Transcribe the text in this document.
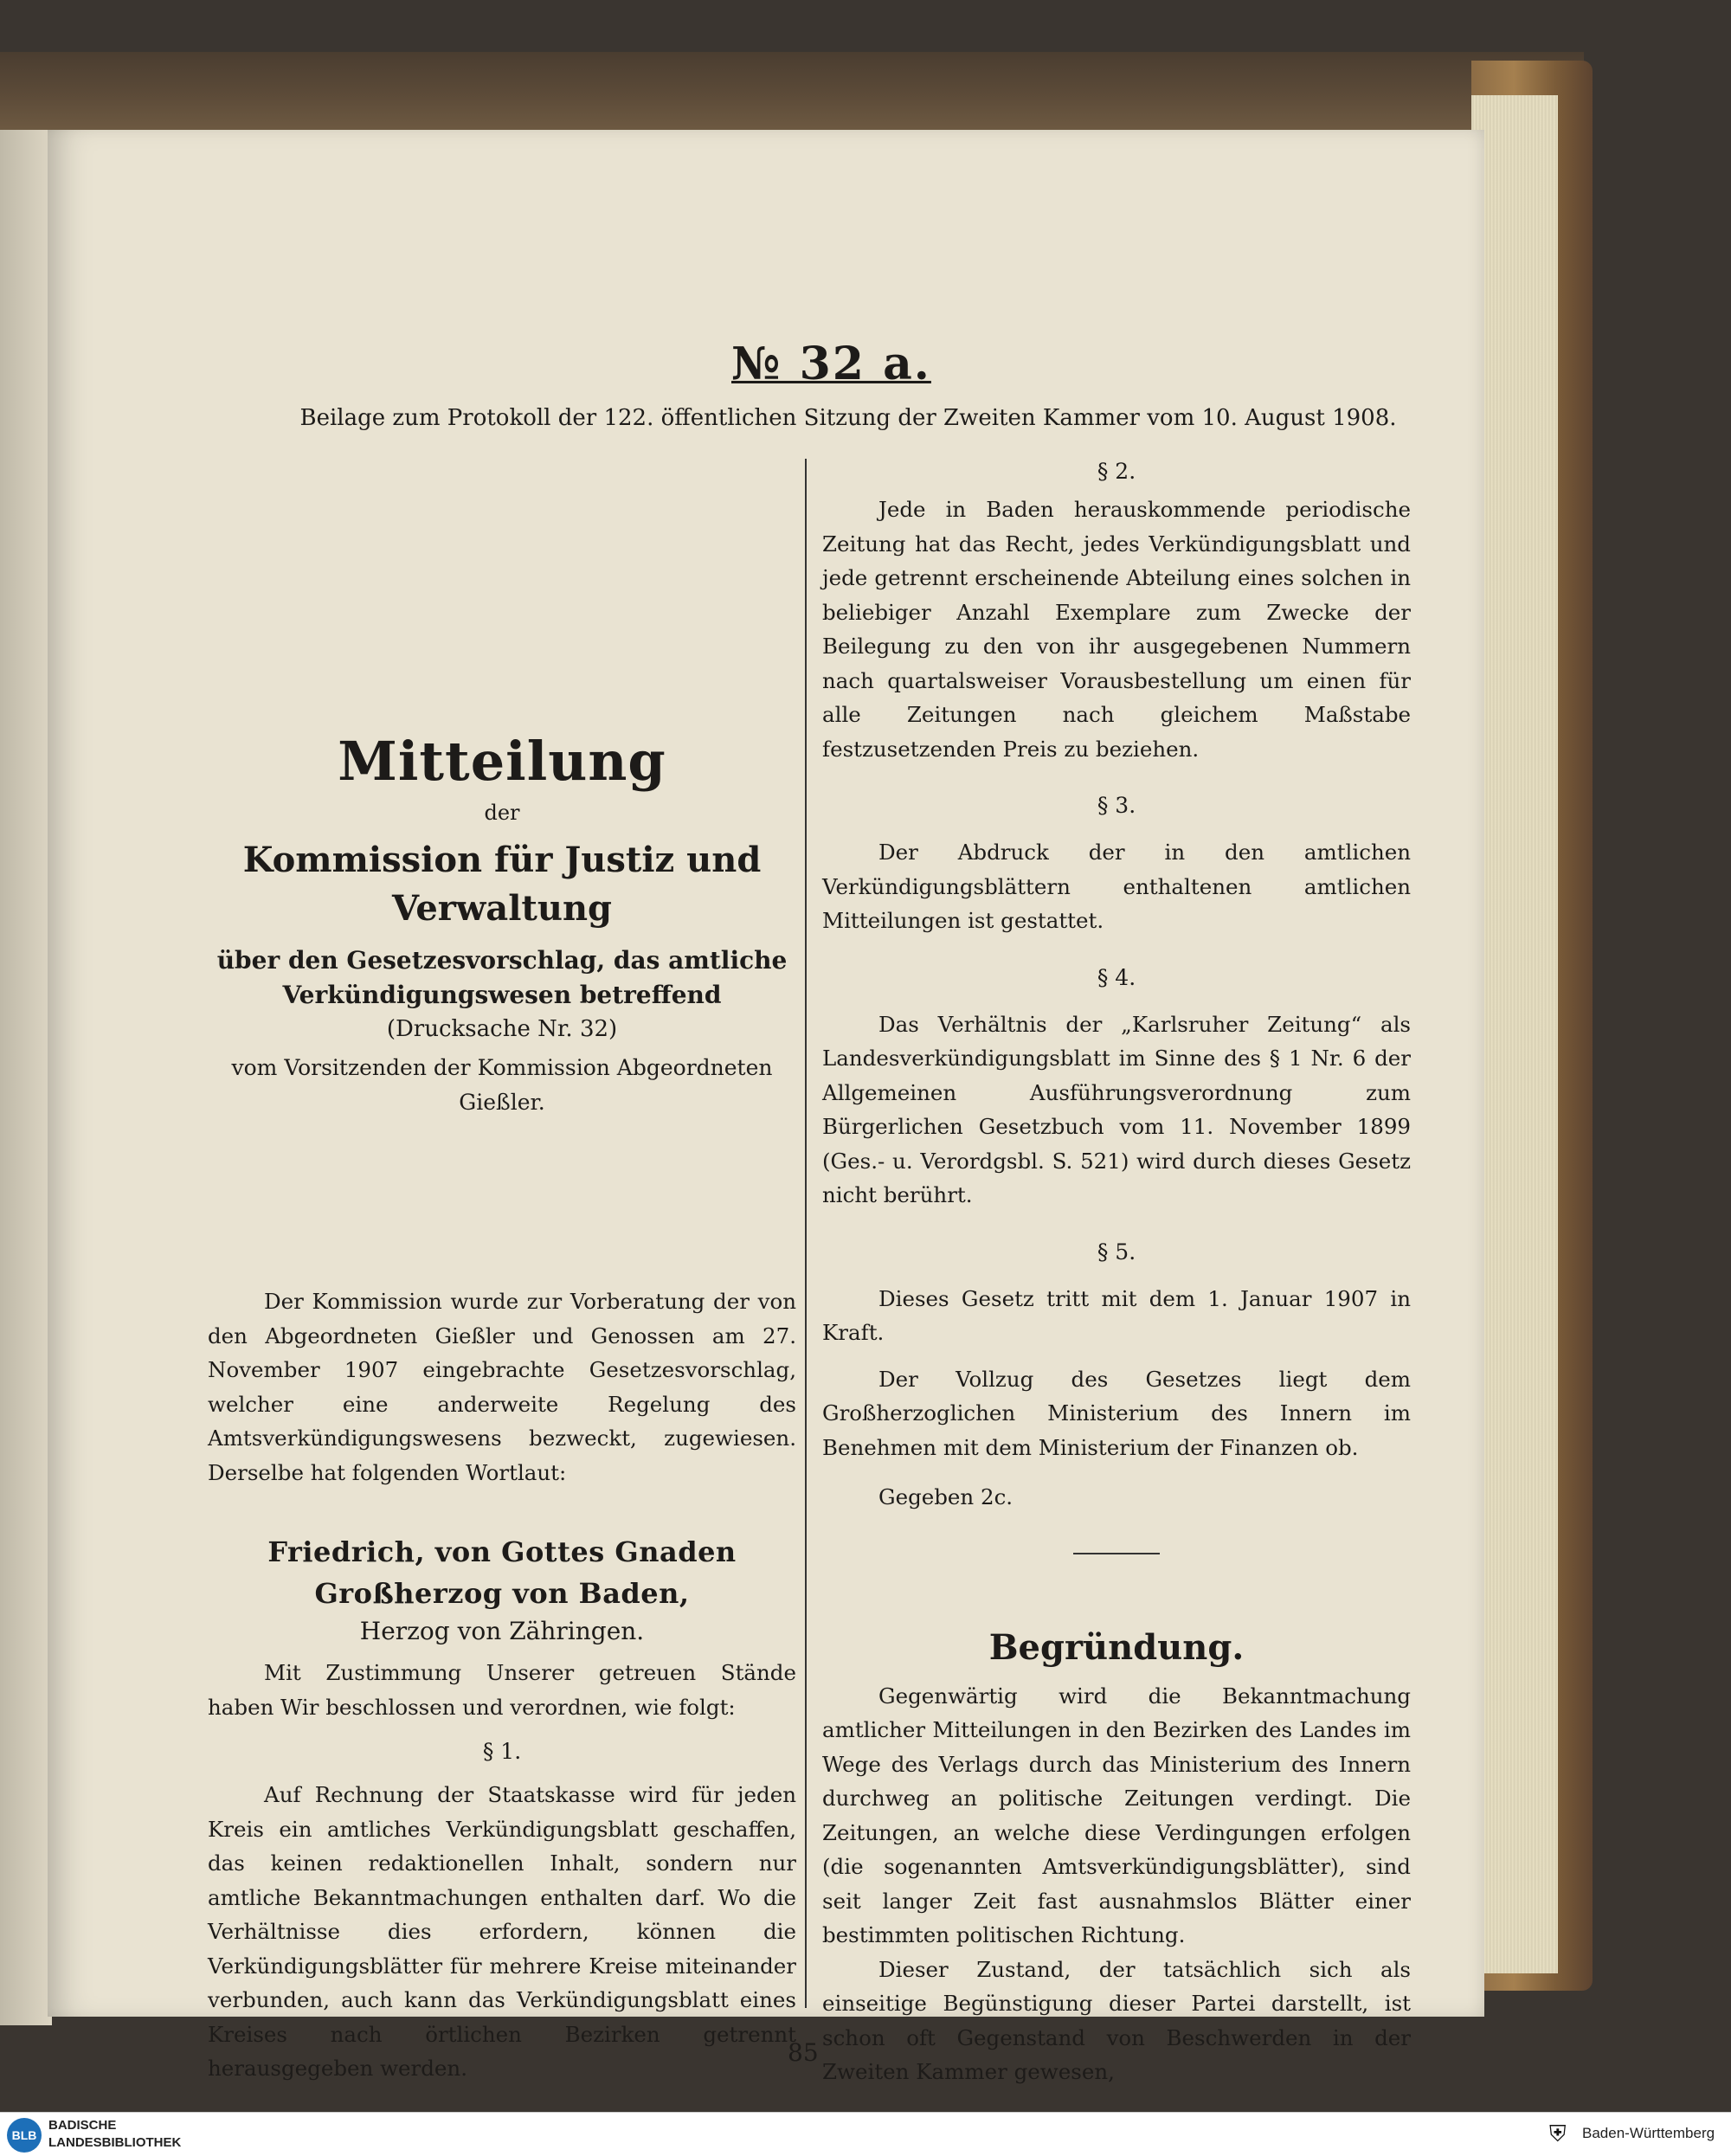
№ 32 a.
Beilage zum Protokoll der 122. öffentlichen Sitzung der Zweiten Kammer vom 10. August 1908.
Mitteilung
der
Kommission für Justiz und Verwaltung
über den Gesetzesvorschlag, das amtliche
Verkündigungswesen betreffend
(Drucksache Nr. 32)
vom Vorsitzenden der Kommission Abgeordneten Gießler.

Der Kommission wurde zur Vorberatung der von den Abgeordneten Gießler und Genossen am 27. November 1907 eingebrachte Gesetzesvorschlag, welcher eine anderweite Regelung des Amtsverkündigungswesens bezweckt, zugewiesen. Derselbe hat folgenden Wortlaut:

Friedrich, von Gottes Gnaden Großherzog von Baden,
Herzog von Zähringen.

Mit Zustimmung Unserer getreuen Stände haben Wir beschlossen und verordnen, wie folgt:

§ 1.

Auf Rechnung der Staatskasse wird für jeden Kreis ein amtliches Verkündigungsblatt geschaffen, das keinen redaktionellen Inhalt, sondern nur amtliche Bekanntmachungen enthalten darf. Wo die Verhältnisse dies erfordern, können die Verkündigungsblätter für mehrere Kreise miteinander verbunden, auch kann das Verkündigungsblatt eines Kreises nach örtlichen Bezirken getrennt herausgegeben werden.

§ 2.

Jede in Baden herauskommende periodische Zeitung hat das Recht, jedes Verkündigungsblatt und jede getrennt erscheinende Abteilung eines solchen in beliebiger Anzahl Exemplare zum Zwecke der Beilegung zu den von ihr ausgegebenen Nummern nach quartalsweiser Vorausbestellung um einen für alle Zeitungen nach gleichem Maßstabe festzusetzenden Preis zu beziehen.

§ 3.

Der Abdruck der in den amtlichen Verkündigungsblättern enthaltenen amtlichen Mitteilungen ist gestattet.

§ 4.

Das Verhältnis der „Karlsruher Zeitung“ als Landesverkündigungsblatt im Sinne des § 1 Nr. 6 der Allgemeinen Ausführungsverordnung zum Bürgerlichen Gesetzbuch vom 11. November 1899 (Ges.- u. Verordgsbl. S. 521) wird durch dieses Gesetz nicht berührt.

§ 5.

Dieses Gesetz tritt mit dem 1. Januar 1907 in Kraft.

Der Vollzug des Gesetzes liegt dem Großherzoglichen Ministerium des Innern im Benehmen mit dem Ministerium der Finanzen ob.

Gegeben 2c.

Begründung.

Gegenwärtig wird die Bekanntmachung amtlicher Mitteilungen in den Bezirken des Landes im Wege des Verlags durch das Ministerium des Innern durchweg an politische Zeitungen verdingt. Die Zeitungen, an welche diese Verdingungen erfolgen (die sogenannten Amtsverkündigungsblätter), sind seit langer Zeit fast ausnahmslos Blätter einer bestimmten politischen Richtung.

Dieser Zustand, der tatsächlich sich als einseitige Begünstigung dieser Partei darstellt, ist schon oft Gegenstand von Beschwerden in der Zweiten Kammer gewesen,

85
BLB
BADISCHE LANDESBIBLIOTHEK	⛨	Baden-Württemberg
